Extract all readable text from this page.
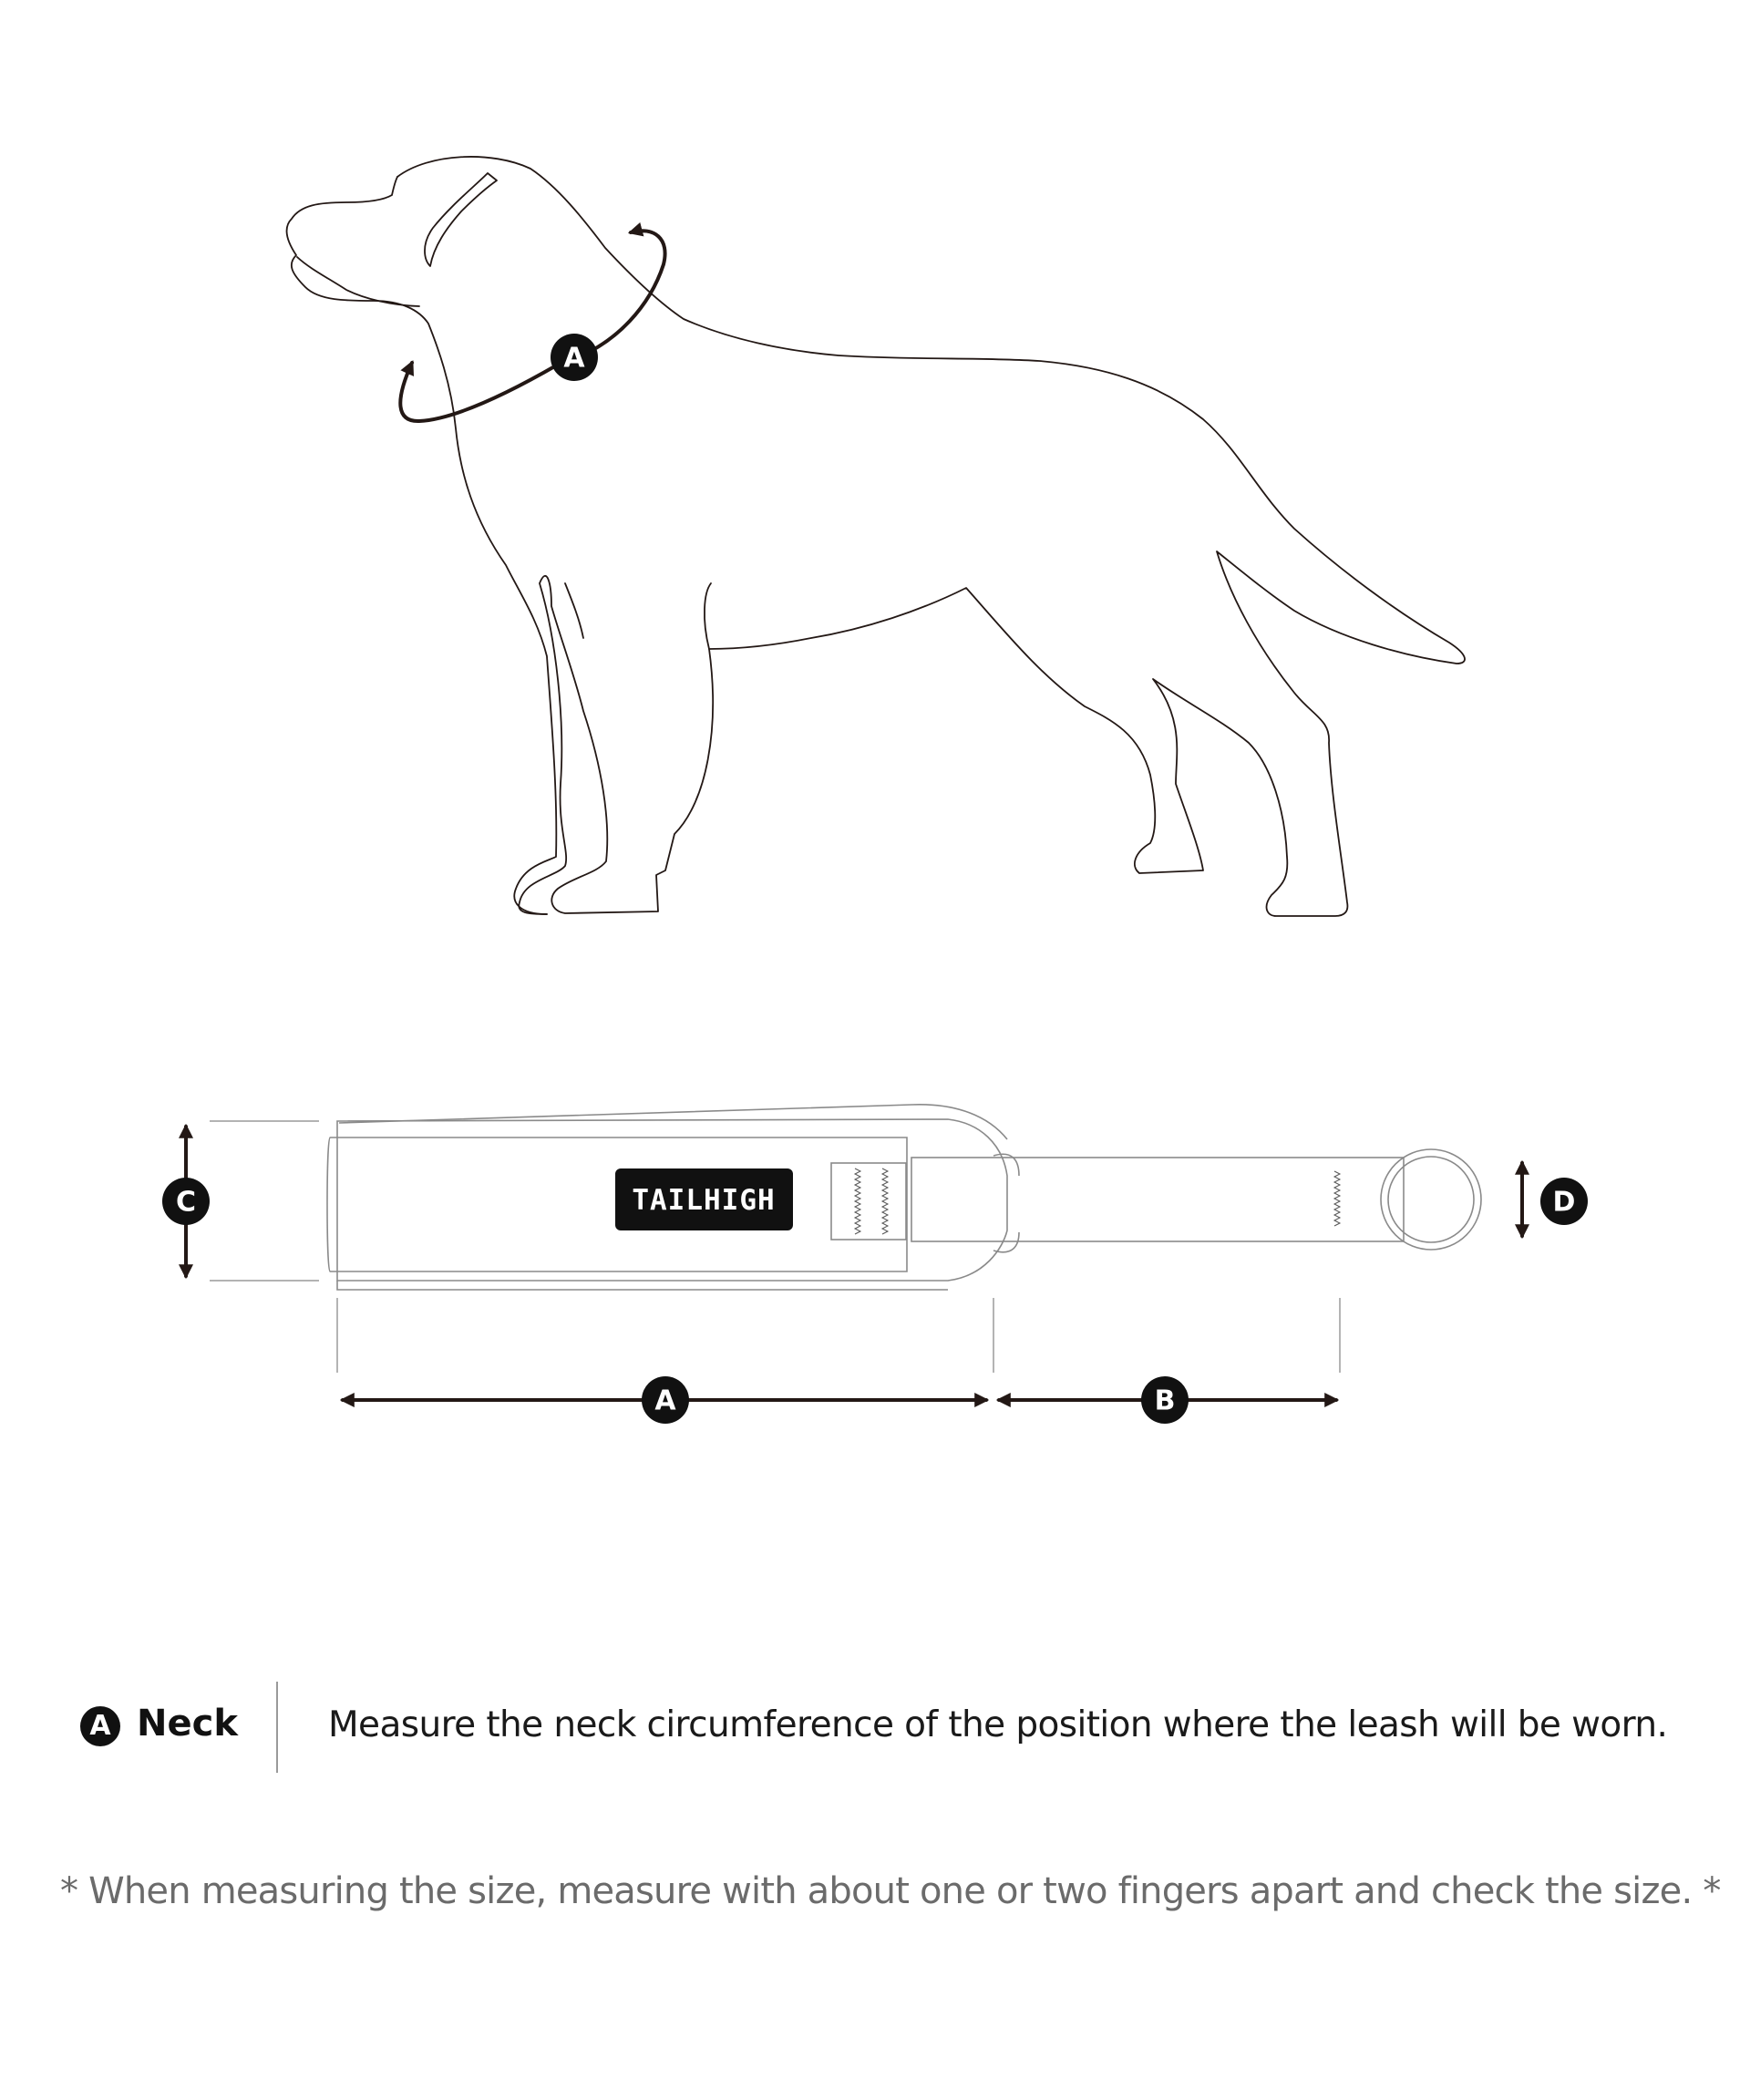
A
TAILHIGH
C	D
A	B
A Neck	Measure the neck circumference of the position where the leash will be worn.
* When measuring the size, measure with about one or two fingers apart and check the size. *
